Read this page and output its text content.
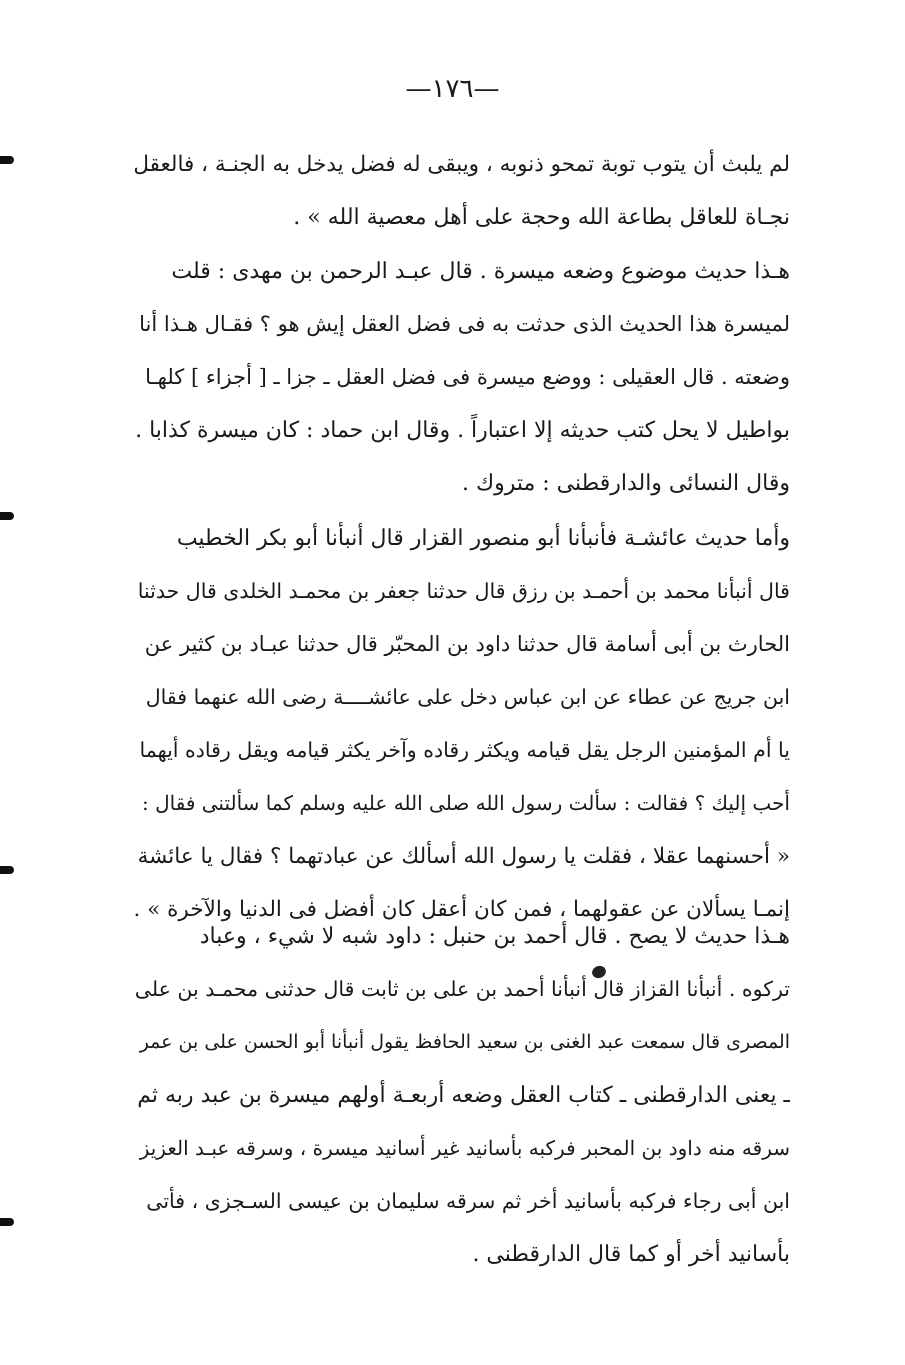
—١٧٦—
لم يلبث أن يتوب توبة تمحو ذنوبه ، ويبقى له فضل يدخل به الجنـة ، فالعقل
نجـاة للعاقل بطاعة الله وحجة على أهل معصية الله » .
هـذا حديث موضوع وضعه ميسرة . قال عبـد الرحمن بن مهدى : قلت
لميسرة هذا الحديث الذى حدثت به فى فضل العقل إيش هو ؟ فقـال هـذا أنا
وضعته . قال العقيلى : ووضع ميسرة فى فضل العقل ـ جزا ـ [ أجزاء ] كلهـا
بواطيل لا يحل كتب حديثه إلا اعتباراً . وقال ابن حماد : كان ميسرة كذابا .
وقال النسائى والدارقطنى : متروك .
وأما حديث عائشـة فأنبأنا أبو منصور القزار قال أنبأنا أبو بكر الخطيب
قال أنبأنا محمد بن أحمـد بن رزق قال حدثنا جعفر بن محمـد الخلدى قال حدثنا
الحارث بن أبى أسامة قال حدثنا داود بن المحبّر قال حدثنا عبـاد بن كثير عن
ابن جريج عن عطاء عن ابن عباس دخل على عائشــــة رضى الله عنهما فقال
يا أم المؤمنين الرجل يقل قيامه ويكثر رقاده وآخر يكثر قيامه ويقل رقاده أيهما
أحب إليك ؟ فقالت : سألت رسول الله صلى الله عليه وسلم كما سألتنى فقال :
« أحسنهما عقلا ، فقلت يا رسول الله أسألك عن عبادتهما ؟ فقال يا عائشة
إنمـا يسألان عن عقولهما ، فمن كان أعقل كان أفضل فى الدنيا والآخرة » .
هـذا حديث لا يصح . قال أحمد بن حنبل : داود شبه لا شيء ، وعباد
تركوه . أنبأنا القزاز قال أنبأنا أحمد بن على بن ثابت قال حدثنى محمـد بن على
المصرى قال سمعت عبد الغنى بن سعيد الحافظ يقول أنبأنا أبو الحسن على بن عمر
ـ يعنى الدارقطنى ـ كتاب العقل وضعه أربعـة أولهم ميسرة بن عبد ربه ثم
سرقه منه داود بن المحبر فركبه بأسانيد غير أسانيد ميسرة ، وسرقه عبـد العزيز
ابن أبى رجاء فركبه بأسانيد أخر ثم سرقه سليمان بن عيسى السـجزى ، فأتى
بأسانيد أخر أو كما قال الدارقطنى .
